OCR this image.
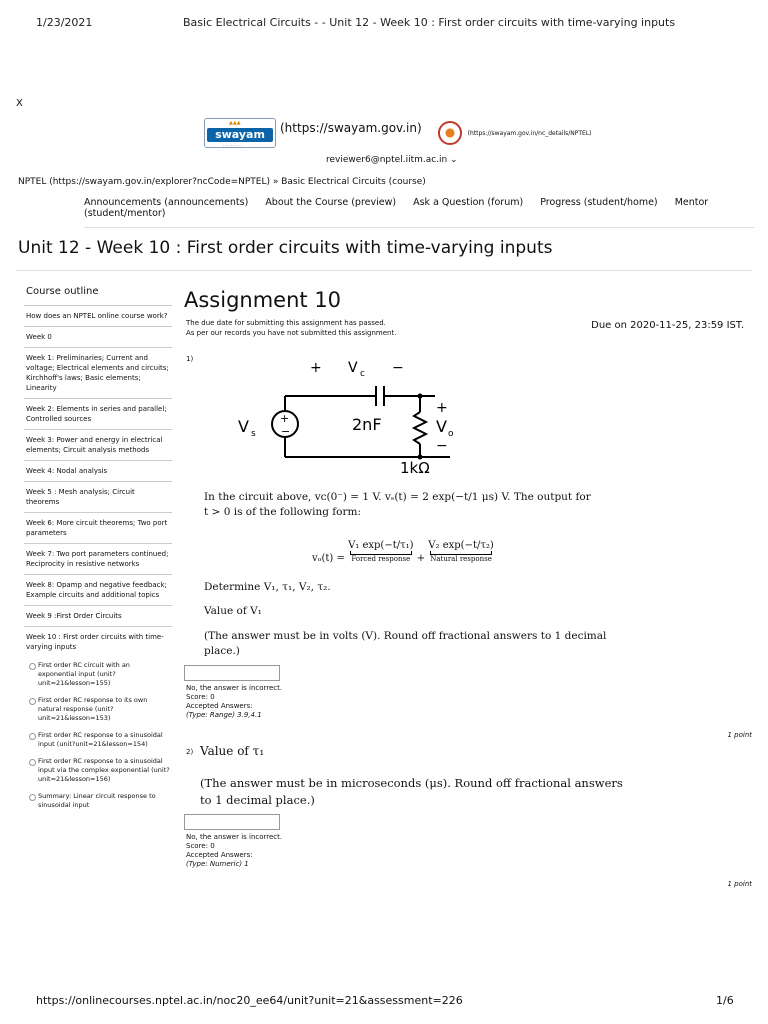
1/23/2021	Basic Electrical Circuits - - Unit 12 - Week 10 : First order circuits with time-varying inputs
X
▲▲▲
swayam
· · · · · · · ·
(https://swayam.gov.in)	(https://swayam.gov.in/nc_details/NPTEL)
reviewer6@nptel.iitm.ac.in ⌄
NPTEL (https://swayam.gov.in/explorer?ncCode=NPTEL) » Basic Electrical Circuits (course)
Announcements (announcements) About the Course (preview) Ask a Question (forum) Progress (student/home) Mentor (student/mentor)
Unit 12 - Week 10 : First order circuits with time-varying inputs
Course outline
How does an NPTEL online course work?
Week 0
Week 1: Preliminaries; Current and voltage; Electrical elements and circuits; Kirchhoff's laws; Basic elements; Linearity
Week 2: Elements in series and parallel; Controlled sources
Week 3: Power and energy in electrical elements; Circuit analysis methods
Week 4: Nodal analysis
Week 5 : Mesh analysis; Circuit theorems
Week 6: More circuit theorems; Two port parameters
Week 7: Two port parameters continued; Reciprocity in resistive networks
Week 8: Opamp and negative feedback; Example circuits and additional topics
Week 9 :First Order Circuits
Week 10 : First order circuits with time-varying inputs
First order RC circuit with an exponential input (unit?unit=21&lesson=155)
First order RC response to its own natural response (unit?unit=21&lesson=153)
First order RC response to a sinusoidal input (unit?unit=21&lesson=154)
First order RC response to a sinusoidal input via the complex exponential (unit?unit=21&lesson=156)
Summary: Linear circuit response to sinusoidal input
Assignment 10
The due date for submitting this assignment has passed.
As per our records you have not submitted this assignment.
Due on 2020-11-25, 23:59 IST.
1)
+ V c −
2nF
V s
+
−
+
V o
−
1kΩ
In the circuit above, vᴄ(0⁻) = 1 V. vₛ(t) = 2 exp(−t/1 μs) V. The output for
t > 0 is of the following form:
vₒ(t) = V₁ exp(−t/τ₁)
Forced response + V₂ exp(−t/τ₂)
Natural response
Determine V₁, τ₁, V₂, τ₂.
Value of V₁
(The answer must be in volts (V). Round off fractional answers to 1 decimal
place.)
No, the answer is incorrect.
Score: 0
Accepted Answers:
(Type: Range) 3.9,4.1
1 point
2) Value of τ₁
(The answer must be in microseconds (μs). Round off fractional answers
to 1 decimal place.)
No, the answer is incorrect.
Score: 0
Accepted Answers:
(Type: Numeric) 1
1 point
https://onlinecourses.nptel.ac.in/noc20_ee64/unit?unit=21&assessment=226	1/6
